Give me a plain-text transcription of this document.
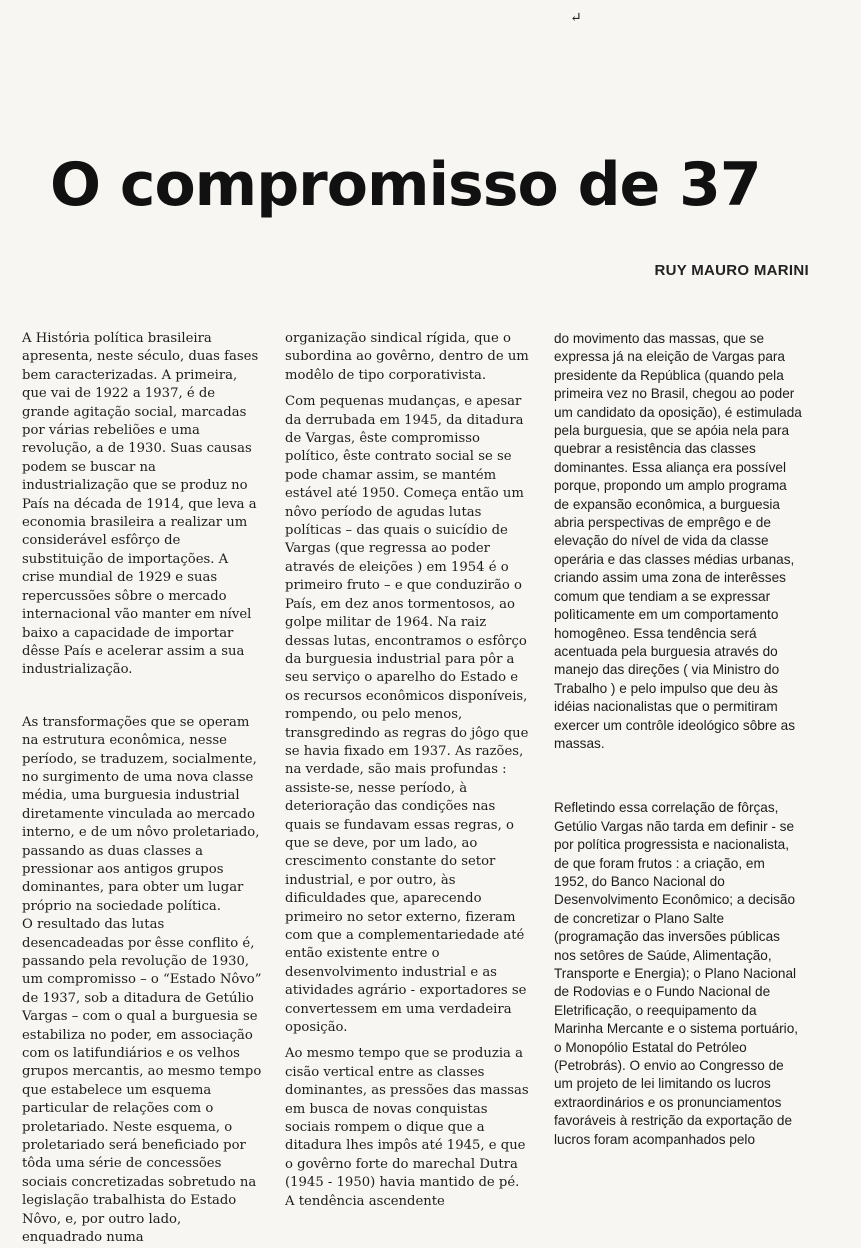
↵
O compromisso de 37
RUY MAURO MARINI

A História política brasileira apresenta, neste século, duas fases bem caracterizadas. A primeira, que vai de 1922 a 1937, é de grande agitação social, marcadas por várias rebeliões e uma revolução, a de 1930. Suas causas podem se buscar na industrialização que se produz no País na década de 1914, que leva a economia brasileira a realizar um considerável esfôrço de substituição de importações. A crise mundial de 1929 e suas repercussões sôbre o mercado internacional vão manter em nível baixo a capacidade de importar dêsse País e acelerar assim a sua industrialização.

As transformações que se operam na estrutura econômica, nesse período, se traduzem, socialmente, no surgimento de uma nova classe média, uma burguesia industrial diretamente vinculada ao mercado interno, e de um nôvo proletariado, passando as duas classes a pressionar aos antigos grupos dominantes, para obter um lugar próprio na sociedade política.

O resultado das lutas desencadeadas por êsse conflito é, passando pela revolução de 1930, um compromisso – o “Estado Nôvo” de 1937, sob a ditadura de Getúlio Vargas – com o qual a burguesia se estabiliza no poder, em associação com os latifundiários e os velhos grupos mercantis, ao mesmo tempo que estabelece um esquema particular de relações com o proletariado. Neste esquema, o proletariado será beneficiado por tôda uma série de concessões sociais concretizadas sobretudo na legislação trabalhista do Estado Nôvo, e, por outro lado, enquadrado numa

organização sindical rígida, que o subordina ao govêrno, dentro de um modêlo de tipo corporativista.

Com pequenas mudanças, e apesar da derrubada em 1945, da ditadura de Vargas, êste compromisso político, êste contrato social se se pode chamar assim, se mantém estável até 1950. Começa então um nôvo período de agudas lutas políticas – das quais o suicídio de Vargas (que regressa ao poder através de eleições ) em 1954 é o primeiro fruto – e que conduzirão o País, em dez anos tormentosos, ao golpe militar de 1964. Na raiz dessas lutas, encontramos o esfôrço da burguesia industrial para pôr a seu serviço o aparelho do Estado e os recursos econômicos disponíveis, rompendo, ou pelo menos, transgredindo as regras do jôgo que se havia fixado em 1937. As razões, na verdade, são mais profundas : assiste-se, nesse período, à deterioração das condições nas quais se fundavam essas regras, o que se deve, por um lado, ao crescimento constante do setor industrial, e por outro, às dificuldades que, aparecendo primeiro no setor externo, fizeram com que a complementariedade até então existente entre o desenvolvimento industrial e as atividades agrário - exportadores se convertessem em uma verdadeira oposição.

Ao mesmo tempo que se produzia a cisão vertical entre as classes dominantes, as pressões das massas em busca de novas conquistas sociais rompem o dique que a ditadura lhes impôs até 1945, e que o govêrno forte do marechal Dutra (1945 - 1950) havia mantido de pé. A tendência ascendente

do movimento das massas, que se expressa já na eleição de Vargas para presidente da República (quando pela primeira vez no Brasil, chegou ao poder um candidato da oposição), é estimulada pela burguesia, que se apóia nela para quebrar a resistência das classes dominantes. Essa aliança era possível porque, propondo um amplo programa de expansão econômica, a burguesia abria perspectivas de emprêgo e de elevação do nível de vida da classe operária e das classes médias urbanas, criando assim uma zona de interêsses comum que tendiam a se expressar polìticamente em um comportamento homogêneo. Essa tendência será acentuada pela burguesia através do manejo das direções ( via Ministro do Trabalho ) e pelo impulso que deu às idéias nacionalistas que o permitiram exercer um contrôle ideológico sôbre as massas.

Refletindo essa correlação de fôrças, Getúlio Vargas não tarda em definir - se por política progressista e nacionalista, de que foram frutos : a criação, em 1952, do Banco Nacional do Desenvolvimento Econômico; a decisão de concretizar o Plano Salte (programação das inversões públicas nos setôres de Saúde, Alimentação, Transporte e Energia); o Plano Nacional de Rodovias e o Fundo Nacional de Eletrificação, o reequipamento da Marinha Mercante e o sistema portuário, o Monopólio Estatal do Petróleo (Petrobrás). O envio ao Congresso de um projeto de lei limitando os lucros extraordinários e os pronunciamentos favoráveis à restrição da exportação de lucros foram acompanhados pelo
